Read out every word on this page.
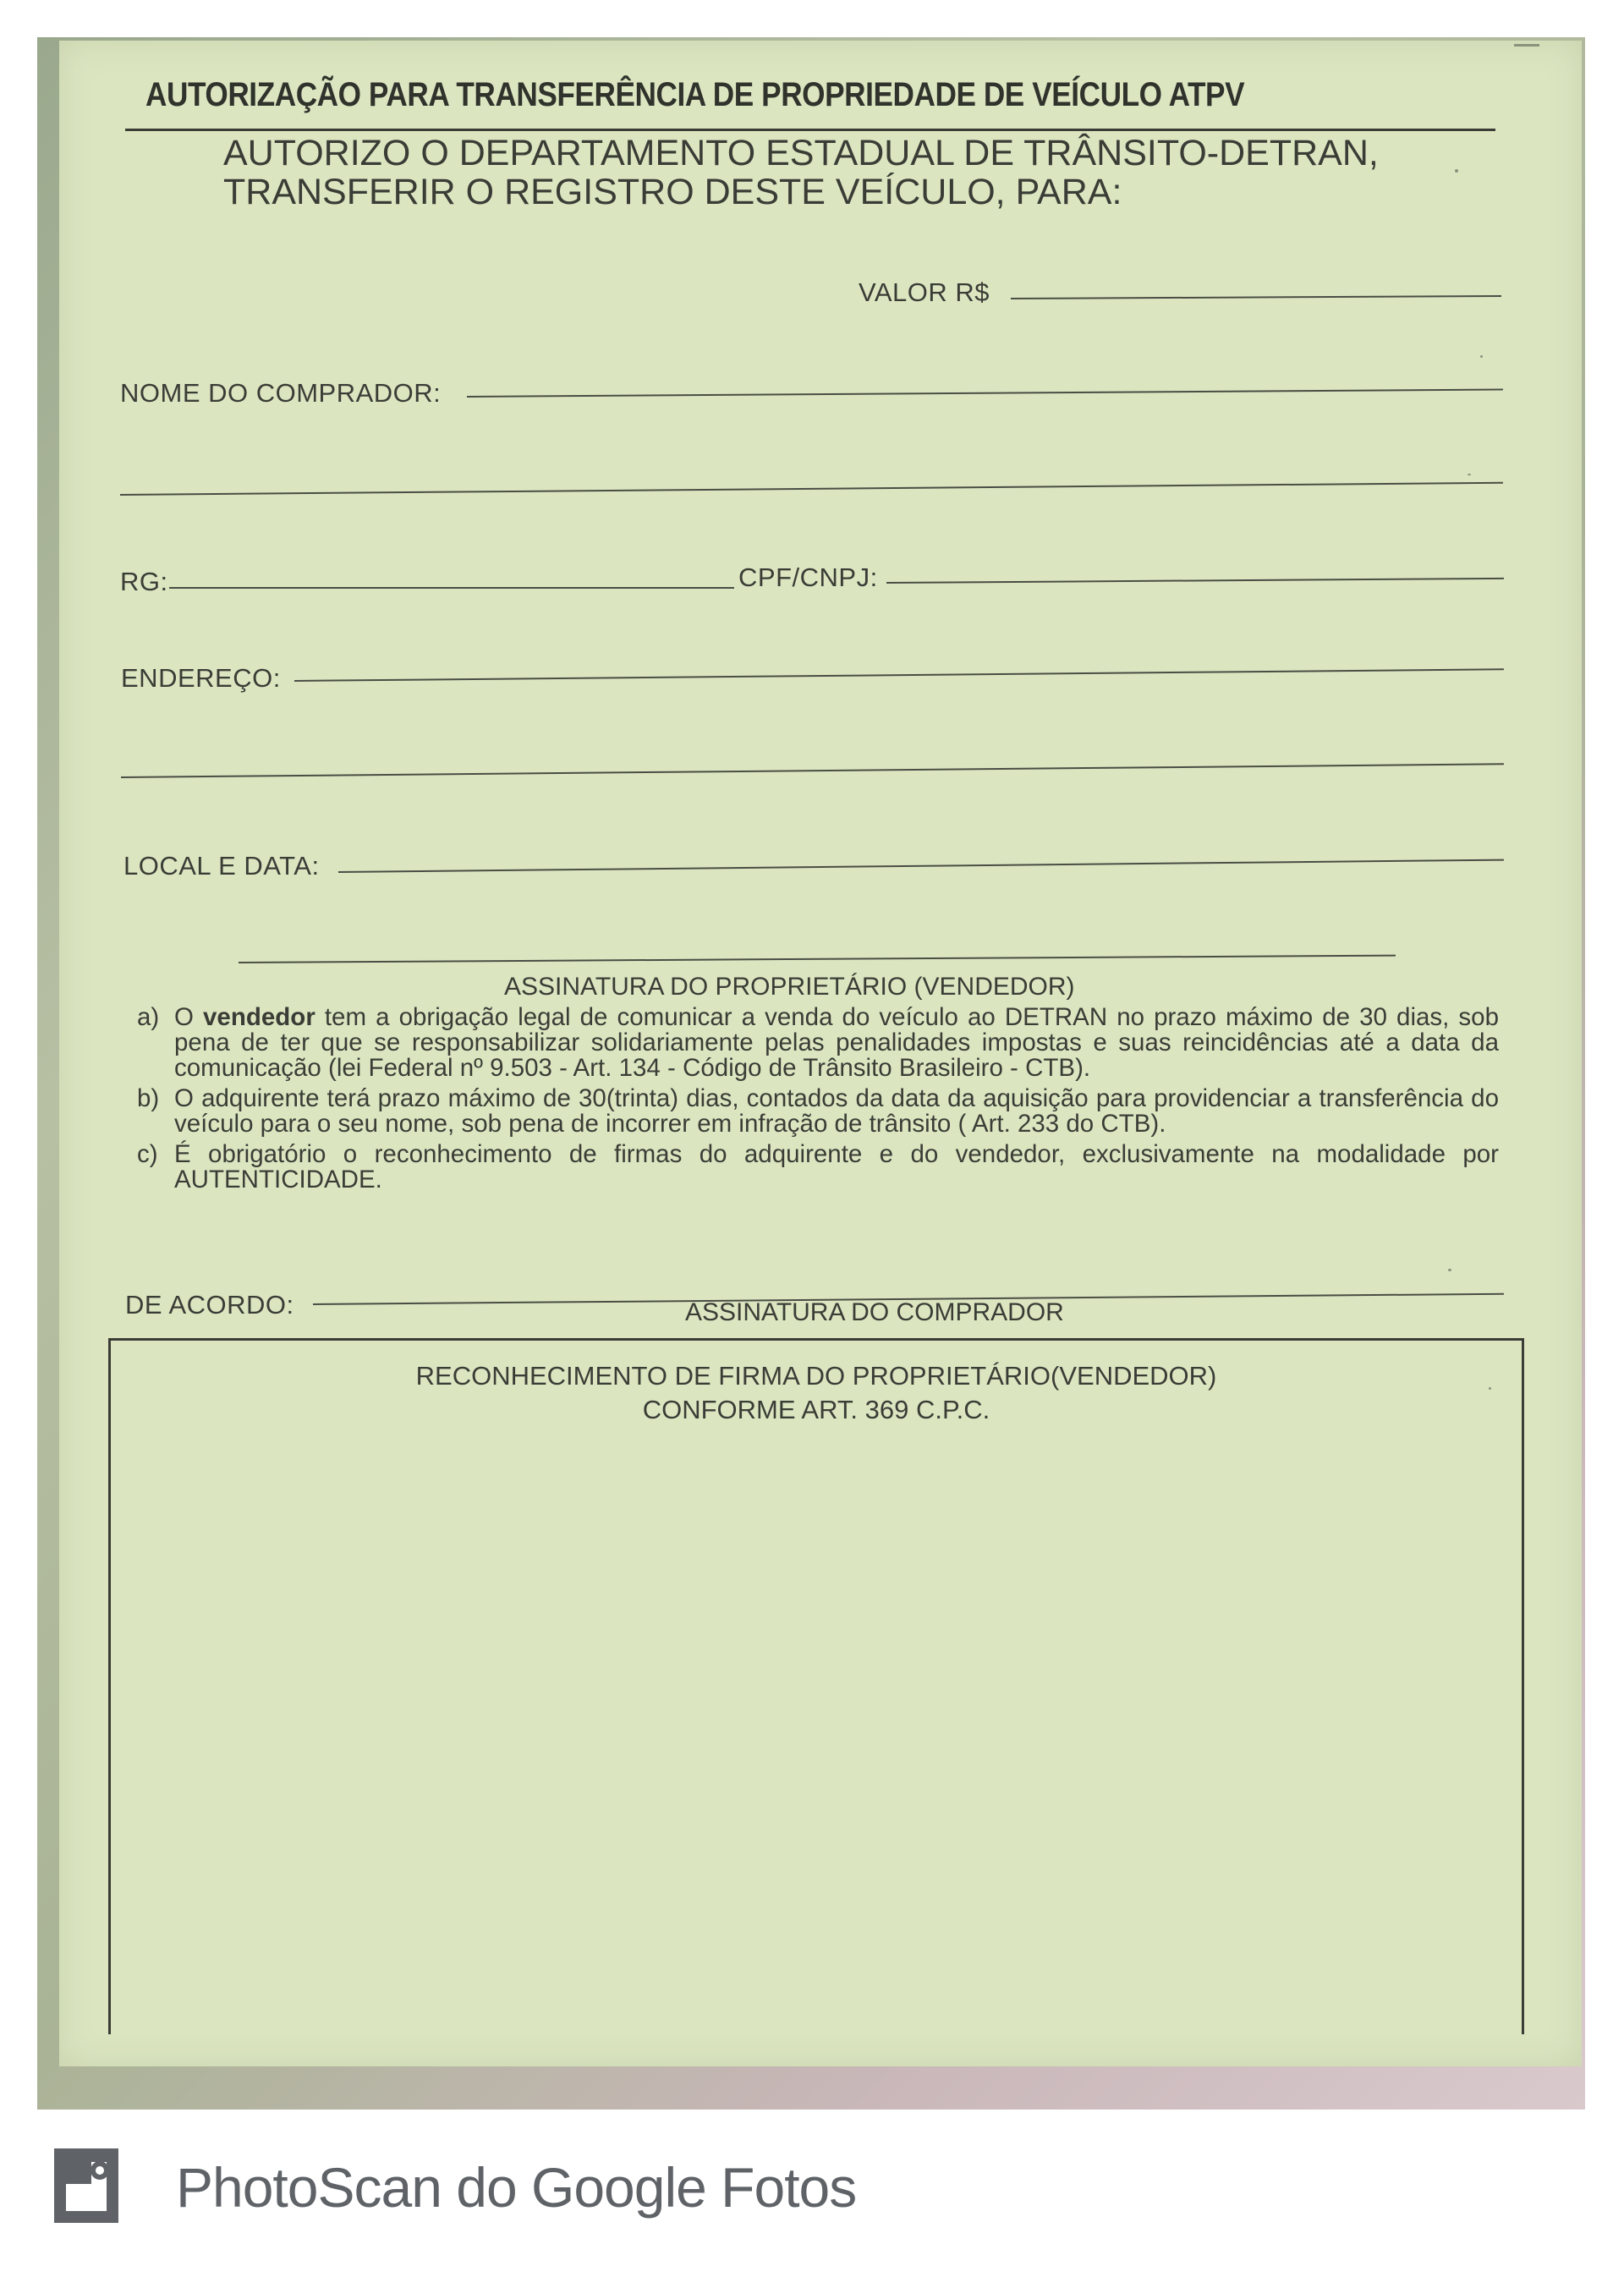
AUTORIZAÇÃO PARA TRANSFERÊNCIA DE PROPRIEDADE DE VEÍCULO ATPV
AUTORIZO O DEPARTAMENTO ESTADUAL DE TRÂNSITO-DETRAN,
TRANSFERIR O REGISTRO DESTE VEÍCULO, PARA:
VALOR R$
NOME DO COMPRADOR:
RG:	CPF/CNPJ:
ENDEREÇO:
LOCAL E DATA:
ASSINATURA DO PROPRIETÁRIO (VENDEDOR)
a) O vendedor tem a obrigação legal de comunicar a venda do veículo ao DETRAN no prazo máximo de 30 dias, sob pena de ter que se responsabilizar solidariamente pelas penalidades impostas e suas reincidências até a data da comunicação (lei Federal nº 9.503 - Art. 134 - Código de Trânsito Brasileiro - CTB).
b) O adquirente terá prazo máximo de 30(trinta) dias, contados da data da aquisição para providenciar a transferência do veículo para o seu nome, sob pena de incorrer em infração de trânsito ( Art. 233 do CTB).
c) É obrigatório o reconhecimento de firmas do adquirente e do vendedor, exclusivamente na modalidade por AUTENTICIDADE.
DE ACORDO:	ASSINATURA DO COMPRADOR
RECONHECIMENTO DE FIRMA DO PROPRIETÁRIO(VENDEDOR)
CONFORME ART. 369 C.P.C.
PhotoScan do Google Fotos
